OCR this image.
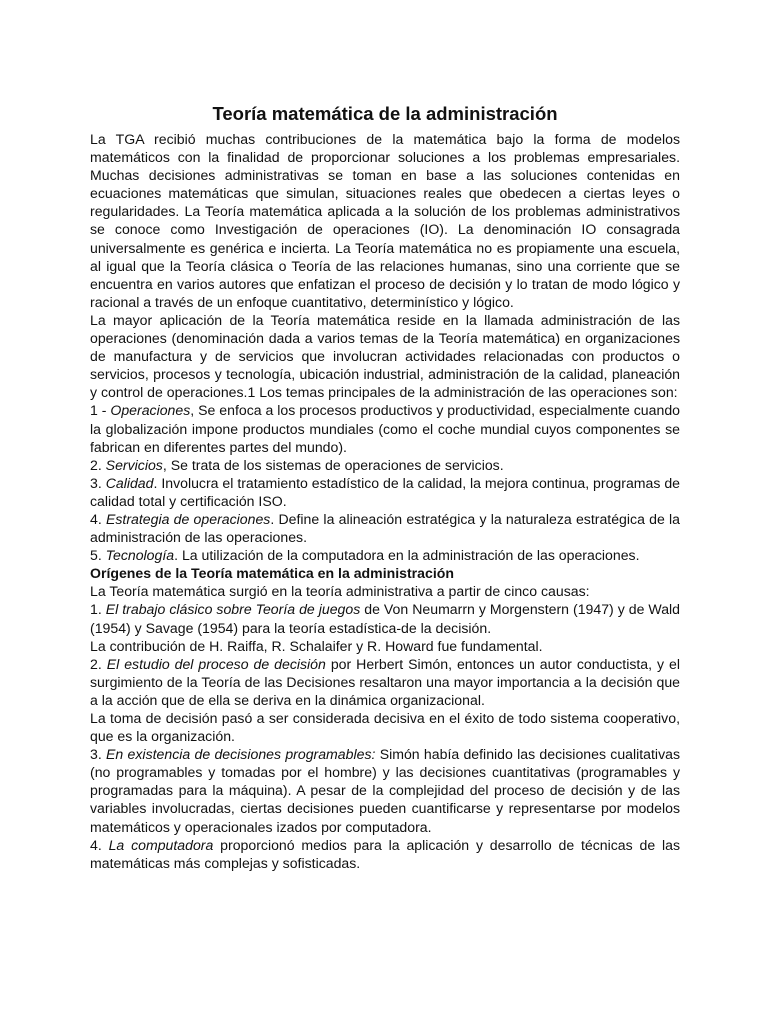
Teoría matemática de la administración

La TGA recibió muchas contribuciones de la matemática bajo la forma de modelos matemáticos con la finalidad de proporcionar soluciones a los problemas empresariales. Muchas decisiones administrativas se toman en base a las soluciones contenidas en ecuaciones matemáticas que simulan, situaciones reales que obedecen a ciertas leyes o regularidades. La Teoría matemática aplicada a la solución de los problemas administrativos se conoce como Investigación de operaciones (IO). La denominación IO consagrada universalmente es genérica e incierta. La Teoría matemática no es propiamente una escuela, al igual que la Teoría clásica o Teoría de las relaciones humanas, sino una corriente que se encuentra en varios autores que enfatizan el proceso de decisión y lo tratan de modo lógico y racional a través de un enfoque cuantitativo, determinístico y lógico.

La mayor aplicación de la Teoría matemática reside en la llamada administración de las operaciones (denominación dada a varios temas de la Teoría matemática) en organizaciones de manufactura y de servicios que involucran actividades relacionadas con productos o servicios, procesos y tecnología, ubicación industrial, administración de la calidad, planeación y control de operaciones.1 Los temas principales de la administración de las operaciones son:

1 - Operaciones, Se enfoca a los procesos productivos y productividad, especialmente cuando la globalización impone productos mundiales (como el coche mundial cuyos componentes se fabrican en diferentes partes del mundo).

2. Servicios, Se trata de los sistemas de operaciones de servicios.

3. Calidad. Involucra el tratamiento estadístico de la calidad, la mejora continua, programas de calidad total y certificación ISO.

4. Estrategia de operaciones. Define la alineación estratégica y la naturaleza estratégica de la administración de las operaciones.

5. Tecnología. La utilización de la computadora en la administración de las operaciones.

Orígenes de la Teoría matemática en la administración

La Teoría matemática surgió en la teoría administrativa a partir de cinco causas:

1. El trabajo clásico sobre Teoría de juegos de Von Neumarrn y Morgenstern (1947) y de Wald (1954) y Savage (1954) para la teoría estadística-de la decisión.

La contribución de H. Raiffa, R. Schalaifer y R. Howard fue fundamental.

2. El estudio del proceso de decisión por Herbert Simón, entonces un autor conductista, y el surgimiento de la Teoría de las Decisiones resaltaron una mayor importancia a la decisión que a la acción que de ella se deriva en la dinámica organizacional.

La toma de decisión pasó a ser considerada decisiva en el éxito de todo sistema cooperativo, que es la organización.

3. En existencia de decisiones programables: Simón había definido las decisiones cualitativas (no programables y tomadas por el hombre) y las decisiones cuantitativas (programables y programadas para la máquina). A pesar de la complejidad del proceso de decisión y de las variables involucradas, ciertas decisiones pueden cuantificarse y representarse por modelos matemáticos y operacionales izados por computadora.

4. La computadora proporcionó medios para la aplicación y desarrollo de técnicas de las matemáticas más complejas y sofisticadas.
